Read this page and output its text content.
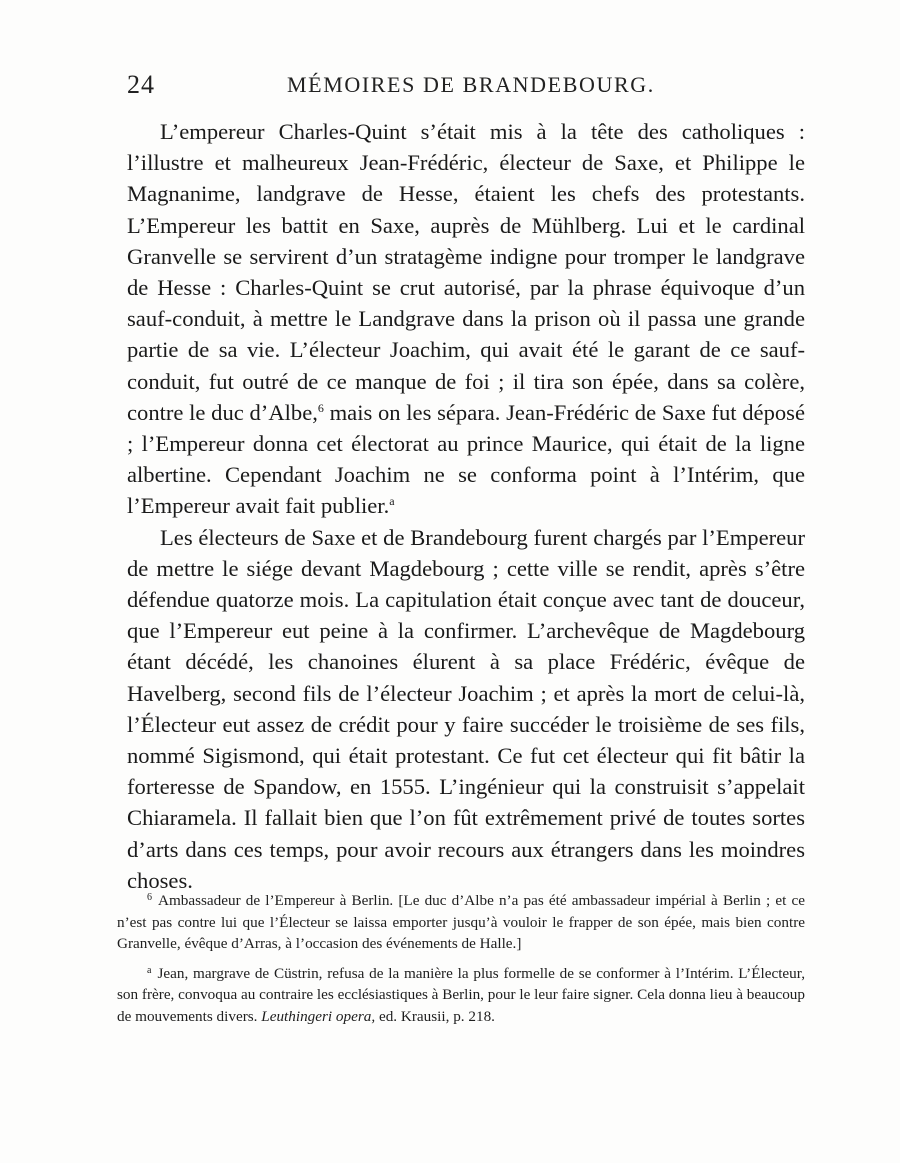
24	MÉMOIRES DE BRANDEBOURG.

L’empereur Charles-Quint s’était mis à la tête des catholiques : l’illustre et malheureux Jean-Frédéric, électeur de Saxe, et Philippe le Magnanime, landgrave de Hesse, étaient les chefs des protestants. L’Empereur les battit en Saxe, auprès de Mühlberg. Lui et le cardinal Granvelle se servirent d’un stratagème indigne pour tromper le landgrave de Hesse : Charles-Quint se crut autorisé, par la phrase équivoque d’un sauf-conduit, à mettre le Landgrave dans la prison où il passa une grande partie de sa vie. L’électeur Joachim, qui avait été le garant de ce sauf-conduit, fut outré de ce manque de foi ; il tira son épée, dans sa colère, contre le duc d’Albe,$^6$ mais on les sépara. Jean-Frédéric de Saxe fut déposé ; l’Empereur donna cet électorat au prince Maurice, qui était de la ligne albertine. Cependant Joachim ne se conforma point à l’Intérim, que l’Empereur avait fait publier.$^a$

Les électeurs de Saxe et de Brandebourg furent chargés par l’Empereur de mettre le siége devant Magdebourg ; cette ville se rendit, après s’être défendue quatorze mois. La capitulation était conçue avec tant de douceur, que l’Empereur eut peine à la confirmer. L’archevêque de Magdebourg étant décédé, les chanoines élurent à sa place Frédéric, évêque de Havelberg, second fils de l’électeur Joachim ; et après la mort de celui-là, l’Électeur eut assez de crédit pour y faire succéder le troisième de ses fils, nommé Sigismond, qui était protestant. Ce fut cet électeur qui fit bâtir la forteresse de Spandow, en 1555. L’ingénieur qui la construisit s’appelait Chiaramela. Il fallait bien que l’on fût extrêmement privé de toutes sortes d’arts dans ces temps, pour avoir recours aux étrangers dans les moindres choses.

$^6$ Ambassadeur de l’Empereur à Berlin. [Le duc d’Albe n’a pas été ambassadeur impérial à Berlin ; et ce n’est pas contre lui que l’Électeur se laissa emporter jusqu’à vouloir le frapper de son épée, mais bien contre Granvelle, évêque d’Arras, à l’occasion des événements de Halle.]

$^a$ Jean, margrave de Cüstrin, refusa de la manière la plus formelle de se conformer à l’Intérim. L’Électeur, son frère, convoqua au contraire les ecclésiastiques à Berlin, pour le leur faire signer. Cela donna lieu à beaucoup de mouvements divers. Leuthingeri opera, ed. Krausii, p. 218.
